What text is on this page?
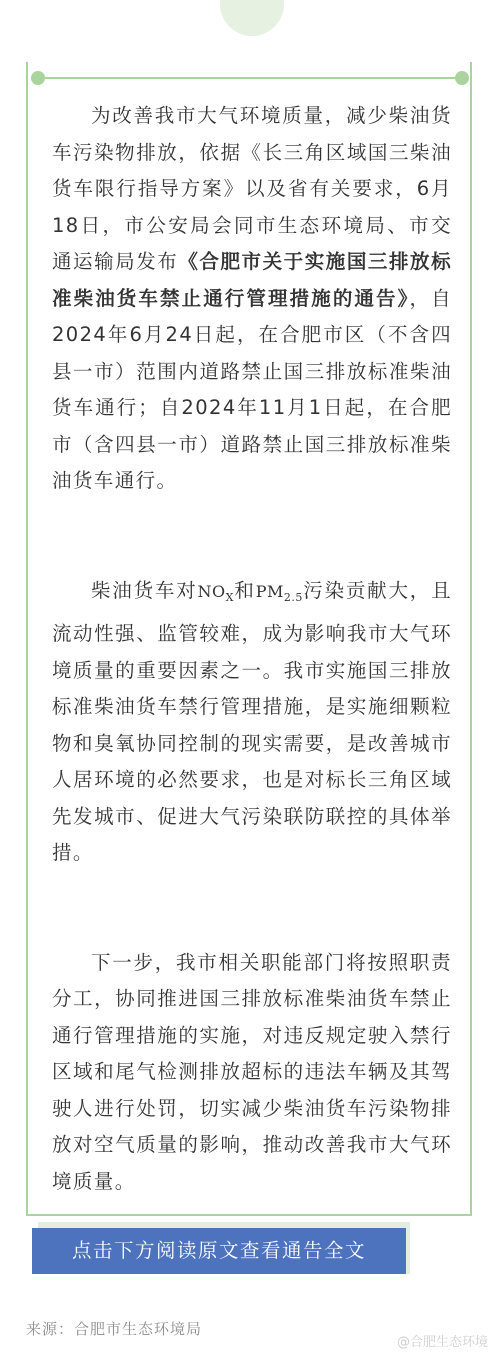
为改善我市大气环境质量，减少柴油货车污染物排放，依据《长三角区域国三柴油货车限行指导方案》以及省有关要求，6月18日，市公安局会同市生态环境局、市交通运输局发布《合肥市关于实施国三排放标准柴油货车禁止通行管理措施的通告》，自2024年6月24日起，在合肥市区（不含四县一市）范围内道路禁止国三排放标准柴油货车通行；自2024年11月1日起，在合肥市（含四县一市）道路禁止国三排放标准柴油货车通行。

柴油货车对$NO_X$和$PM_{2.5}$污染贡献大，且流动性强、监管较难，成为影响我市大气环境质量的重要因素之一。我市实施国三排放标准柴油货车禁行管理措施，是实施细颗粒物和臭氧协同控制的现实需要，是改善城市人居环境的必然要求，也是对标长三角区域先发城市、促进大气污染联防联控的具体举措。

下一步，我市相关职能部门将按照职责分工，协同推进国三排放标准柴油货车禁止通行管理措施的实施，对违反规定驶入禁行区域和尾气检测排放超标的违法车辆及其驾驶人进行处罚，切实减少柴油货车污染物排放对空气质量的影响，推动改善我市大气环境质量。

点击下方阅读原文查看通告全文
来源：合肥市生态环境局
@合肥生态环境
